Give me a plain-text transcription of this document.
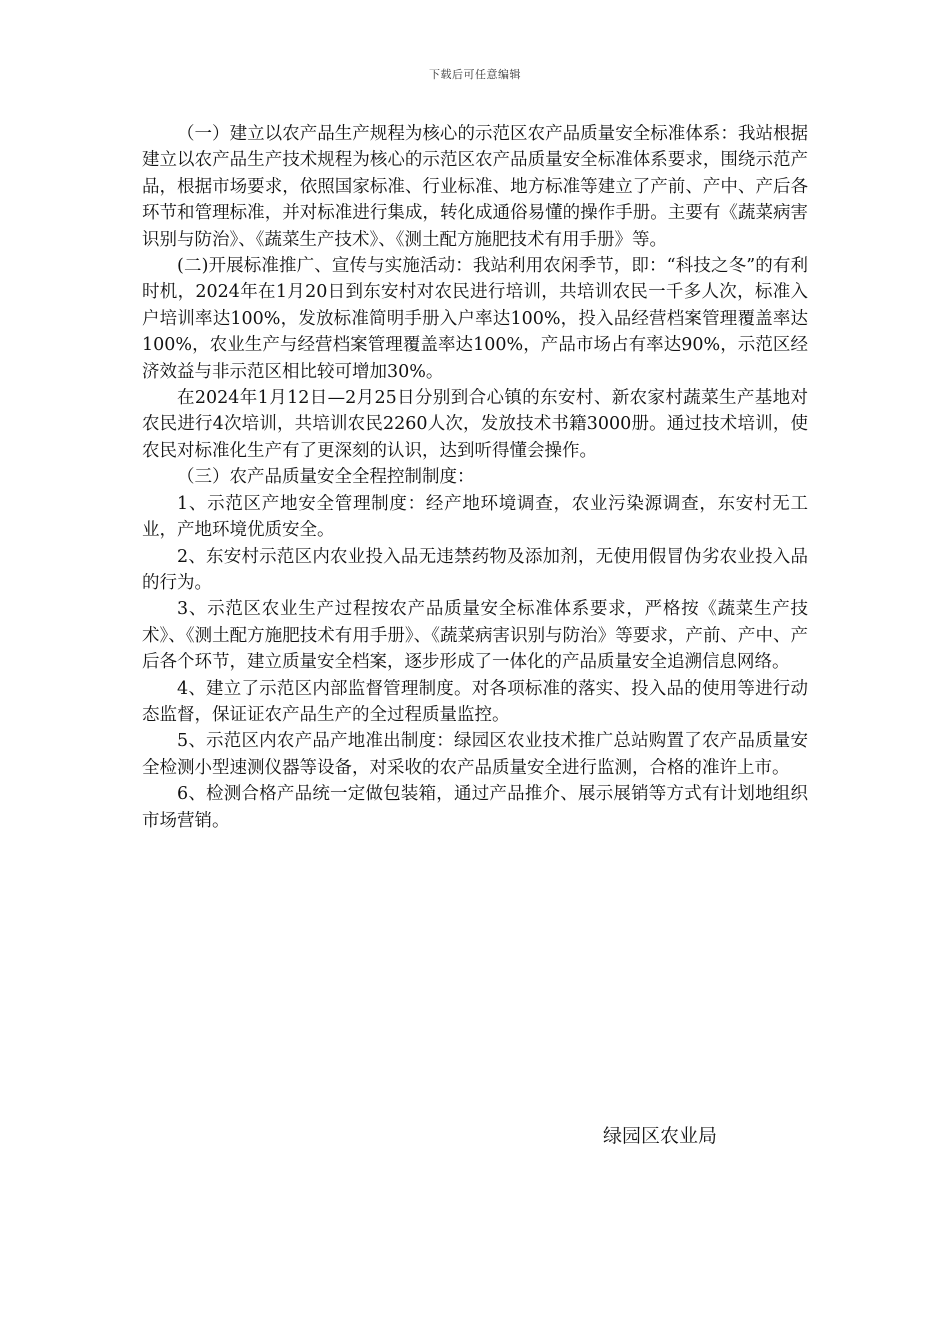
下载后可任意编辑

（一）建立以农产品生产规程为核心的示范区农产品质量安全标准体系：我站根据建立以农产品生产技术规程为核心的示范区农产品质量安全标准体系要求，围绕示范产品，根据市场要求，依照国家标准、行业标准、地方标准等建立了产前、产中、产后各环节和管理标准，并对标准进行集成，转化成通俗易懂的操作手册。主要有《蔬菜病害识别与防治》、《蔬菜生产技术》、《测土配方施肥技术有用手册》等。

(二)开展标准推广、宣传与实施活动：我站利用农闲季节，即：“科技之冬”的有利时机，2024年在1月20日到东安村对农民进行培训，共培训农民一千多人次，标准入户培训率达100%，发放标准简明手册入户率达100%，投入品经营档案管理覆盖率达100%，农业生产与经营档案管理覆盖率达100%，产品市场占有率达90%，示范区经济效益与非示范区相比较可增加30%。

在2024年1月12日—2月25日分别到合心镇的东安村、新农家村蔬菜生产基地对农民进行4次培训，共培训农民2260人次，发放技术书籍3000册。通过技术培训，使农民对标准化生产有了更深刻的认识，达到听得懂会操作。

（三）农产品质量安全全程控制制度：

1、示范区产地安全管理制度：经产地环境调查，农业污染源调查，东安村无工业，产地环境优质安全。

2、东安村示范区内农业投入品无违禁药物及添加剂，无使用假冒伪劣农业投入品的行为。

3、示范区农业生产过程按农产品质量安全标准体系要求，严格按《蔬菜生产技术》、《测土配方施肥技术有用手册》、《蔬菜病害识别与防治》等要求，产前、产中、产后各个环节，建立质量安全档案，逐步形成了一体化的产品质量安全追溯信息网络。

4、建立了示范区内部监督管理制度。对各项标准的落实、投入品的使用等进行动态监督，保证证农产品生产的全过程质量监控。

5、示范区内农产品产地准出制度：绿园区农业技术推广总站购置了农产品质量安全检测小型速测仪器等设备，对采收的农产品质量安全进行监测，合格的准许上市。

6、检测合格产品统一定做包装箱，通过产品推介、展示展销等方式有计划地组织市场营销。

绿园区农业局
